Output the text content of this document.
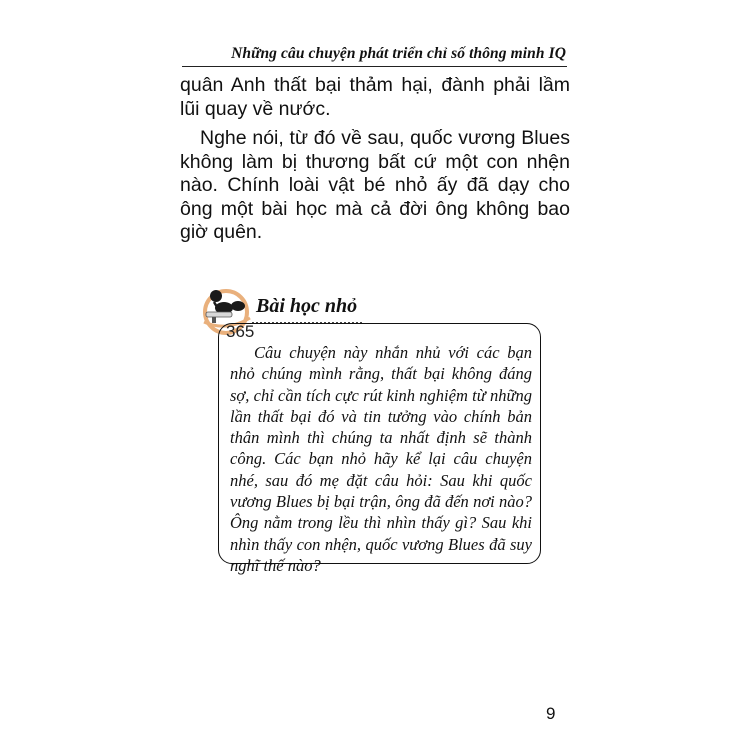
Những câu chuyện phát triển chỉ số thông minh IQ

quân Anh thất bại thảm hại, đành phải lầm lũi quay về nước.

Nghe nói, từ đó về sau, quốc vương Blues không làm bị thương bất cứ một con nhện nào. Chính loài vật bé nhỏ ấy đã dạy cho ông một bài học mà cả đời ông không bao giờ quên.

Bài học nhỏ
365

Câu chuyện này nhắn nhủ với các bạn nhỏ chúng mình rằng, thất bại không đáng sợ, chỉ cần tích cực rút kinh nghiệm từ những lần thất bại đó và tin tưởng vào chính bản thân mình thì chúng ta nhất định sẽ thành công. Các bạn nhỏ hãy kể lại câu chuyện nhé, sau đó mẹ đặt câu hỏi: Sau khi quốc vương Blues bị bại trận, ông đã đến nơi nào? Ông nằm trong lều thì nhìn thấy gì? Sau khi nhìn thấy con nhện, quốc vương Blues đã suy nghĩ thế nào?

9
